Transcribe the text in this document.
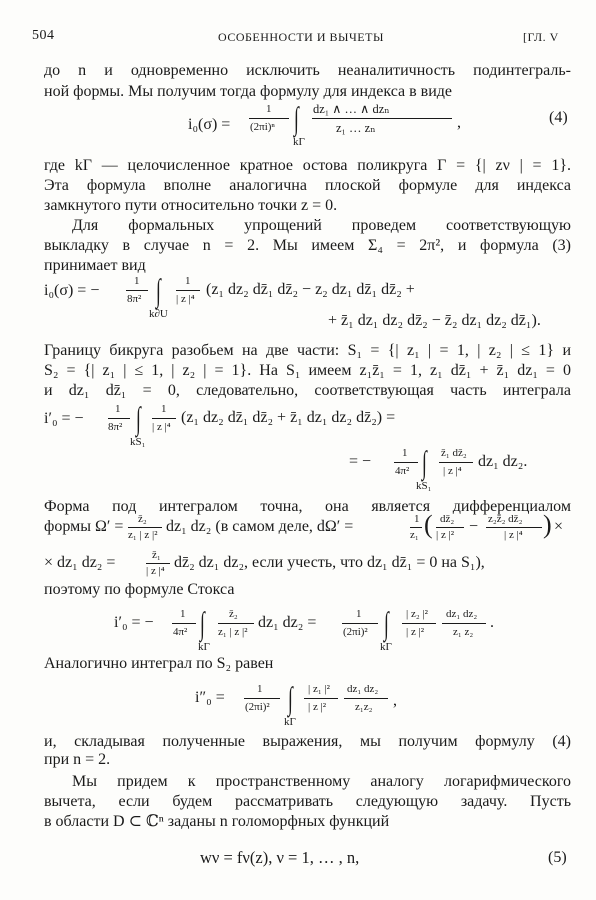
504	ОСОБЕННОСТИ И ВЫЧЕТЫ	[ГЛ. V
до n и одновременно исключить неаналитичность подинтеграль-
ной формы. Мы получим тогда формулу для индекса в виде
i₀(σ) =
1
(2πi)ⁿ ∫
kΓ
dz₁ ∧ … ∧ dzₙ
z₁ … zₙ	,	(4)
где kΓ — целочисленное кратное остова поликруга Γ = {| zν | = 1}.
Эта формула вполне аналогична плоской формуле для индекса
замкнутого пути относительно точки z = 0.
Для формальных упрощений проведем соответствующую
выкладку в случае n = 2. Мы имеем Σ₄ = 2π², и формула (3)
принимает вид
i₀(σ) = −
1
8π² ∫
k∂U
1
| z |⁴
(z₁ dz₂ dz̄₁ dz̄₂ − z₂ dz₁ dz̄₁ dz̄₂ +
+ z̄₁ dz₁ dz₂ dz̄₂ − z̄₂ dz₁ dz₂ dz̄₁).
Границу бикруга разобьем на две части: S₁ = {| z₁ | = 1, | z₂ | ≤ 1} и
S₂ = {| z₁ | ≤ 1, | z₂ | = 1}. На S₁ имеем z₁z̄₁ = 1, z₁ dz̄₁ + z̄₁ dz₁ = 0
и dz₁ dz̄₁ = 0, следовательно, соответствующая часть интеграла
i′₀ = −
1
8π² ∫
kS₁
1
| z |⁴
(z₁ dz₂ dz̄₁ dz̄₂ + z̄₁ dz₁ dz₂ dz̄₂) =
= −	1
4π² ∫
kS₁
z̄₁ dz̄₂
| z |⁴
dz₁ dz₂.
Форма под интегралом точна, она является дифференциалом
формы Ω′ = z̄₂
z₁ | z |² dz₁ dz₂ (в самом деле, dΩ′ =	1
z₁ ( dz̄₂
| z |² − z₂z̄₂ dz̄₂
| z |⁴ ) ×
× dz₁ dz₂ =	z̄₁
| z |⁴ dz̄₂ dz₁ dz₂, если учесть, что dz₁ dz̄₁ = 0 на S₁),
поэтому по формуле Стокса
i′₀ = − 1
4π² ∫
kΓ
z̄₂
z₁ | z |²
dz₁ dz₂ =	1
(2πi)² ∫
kΓ
| z₂ |²
| z |²
dz₁ dz₂
z₁ z₂
.
Аналогично интеграл по S₂ равен
i″₀ =	1
(2πi)² ∫
kΓ
| z₁ |²
| z |²
dz₁ dz₂
z₁z₂ ,
и, складывая полученные выражения, мы получим формулу (4)
при n = 2.
Мы придем к пространственному аналогу логарифмического
вычета, если будем рассматривать следующую задачу. Пусть
в области D ⊂ ℂⁿ заданы n голоморфных функций
wν = fν(z), ν = 1, … , n,	(5)
